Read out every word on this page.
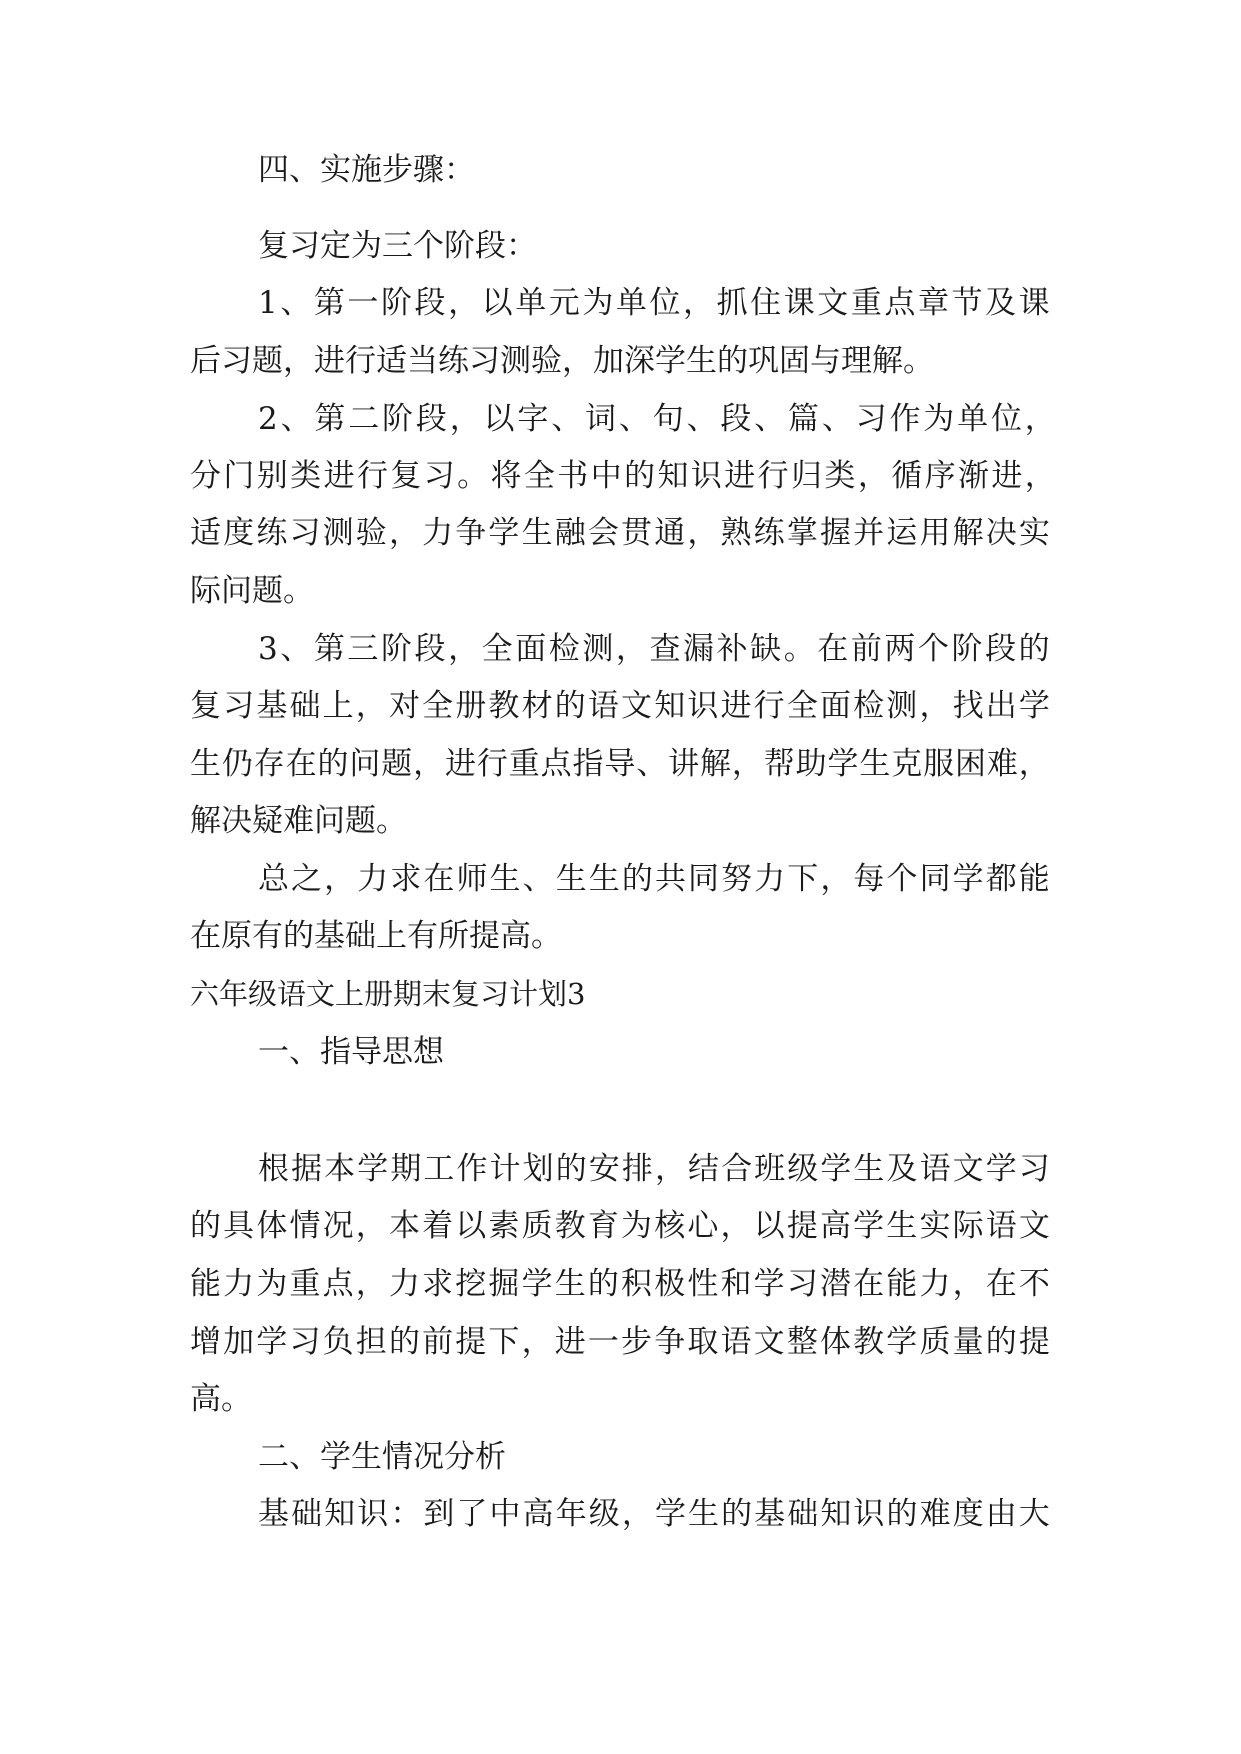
四、实施步骤：
复习定为三个阶段：
1 、 第 一 阶 段 ， 以 单 元 为 单 位 ， 抓 住 课 文 重 点 章 节 及 课
后习题，进行适当练习测验，加深学生的巩固与理解。
2 、 第 二 阶 段 ， 以 字 、 词 、 句 、 段 、 篇 、 习 作 为 单 位 ，
分 门 别 类 进 行 复 习 。 将 全 书 中 的 知 识 进 行 归 类 ， 循 序 渐 进 ，
适 度 练 习 测 验 ， 力 争 学 生 融 会 贯 通 ， 熟 练 掌 握 并 运 用 解 决 实
际问题。
3 、 第 三 阶 段 ， 全 面 检 测 ， 查 漏 补 缺 。 在 前 两 个 阶 段 的
复 习 基 础 上 ， 对 全 册 教 材 的 语 文 知 识 进 行 全 面 检 测 ， 找 出 学
生 仍 存 在 的 问 题 ， 进 行 重 点 指 导 、 讲 解 ， 帮 助 学 生 克 服 困 难 ，
解决疑难问题。
总 之 ， 力 求 在 师 生 、 生 生 的 共 同 努 力 下 ， 每 个 同 学 都 能
在原有的基础上有所提高。
六年级语文上册期末复习计划3
一、指导思想
根 据 本 学 期 工 作 计 划 的 安 排 ， 结 合 班 级 学 生 及 语 文 学 习
的 具 体 情 况 ， 本 着 以 素 质 教 育 为 核 心 ， 以 提 高 学 生 实 际 语 文
能 力 为 重 点 ， 力 求 挖 掘 学 生 的 积 极 性 和 学 习 潜 在 能 力 ， 在 不
增 加 学 习 负 担 的 前 提 下 ， 进 一 步 争 取 语 文 整 体 教 学 质 量 的 提
高。
二、学生情况分析
基 础 知 识 ： 到 了 中 高 年 级 ， 学 生 的 基 础 知 识 的 难 度 由 大
